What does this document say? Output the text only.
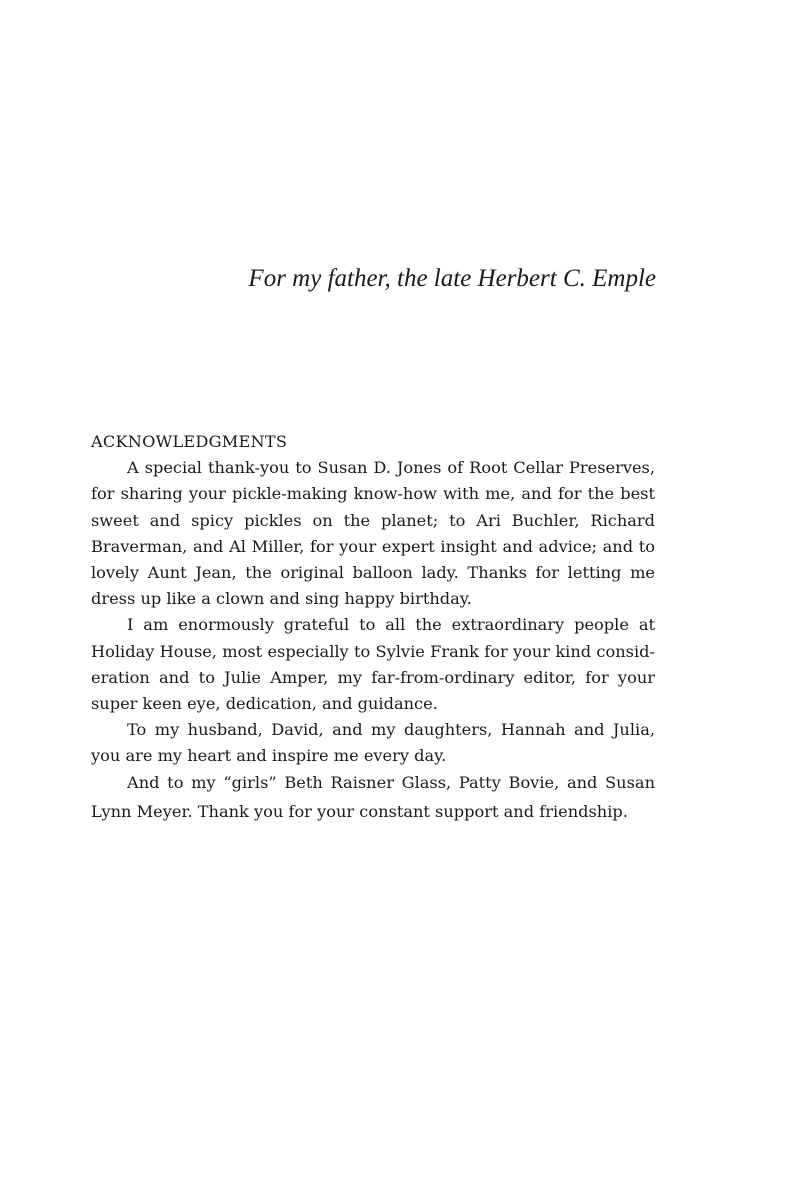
For my father, the late Herbert C. Emple
ACKNOWLEDGMENTS

A special thank-you to Susan D. Jones of Root Cellar Preserves, for sharing your pickle-making know-how with me, and for the best sweet and spicy pickles on the planet; to Ari Buchler, Richard Braverman, and Al Miller, for your expert insight and advice; and to lovely Aunt Jean, the original balloon lady. Thanks for letting me dress up like a clown and sing happy birthday.

I am enormously grateful to all the extraordinary people at Holiday House, most especially to Sylvie Frank for your kind consideration and to Julie Amper, my far-from-ordinary editor, for your super keen eye, dedication, and guidance.

To my husband, David, and my daughters, Hannah and Julia, you are my heart and inspire me every day.

And to my “girls” Beth Raisner Glass, Patty Bovie, and Susan
Lynn Meyer. Thank you for your constant support and friendship.
